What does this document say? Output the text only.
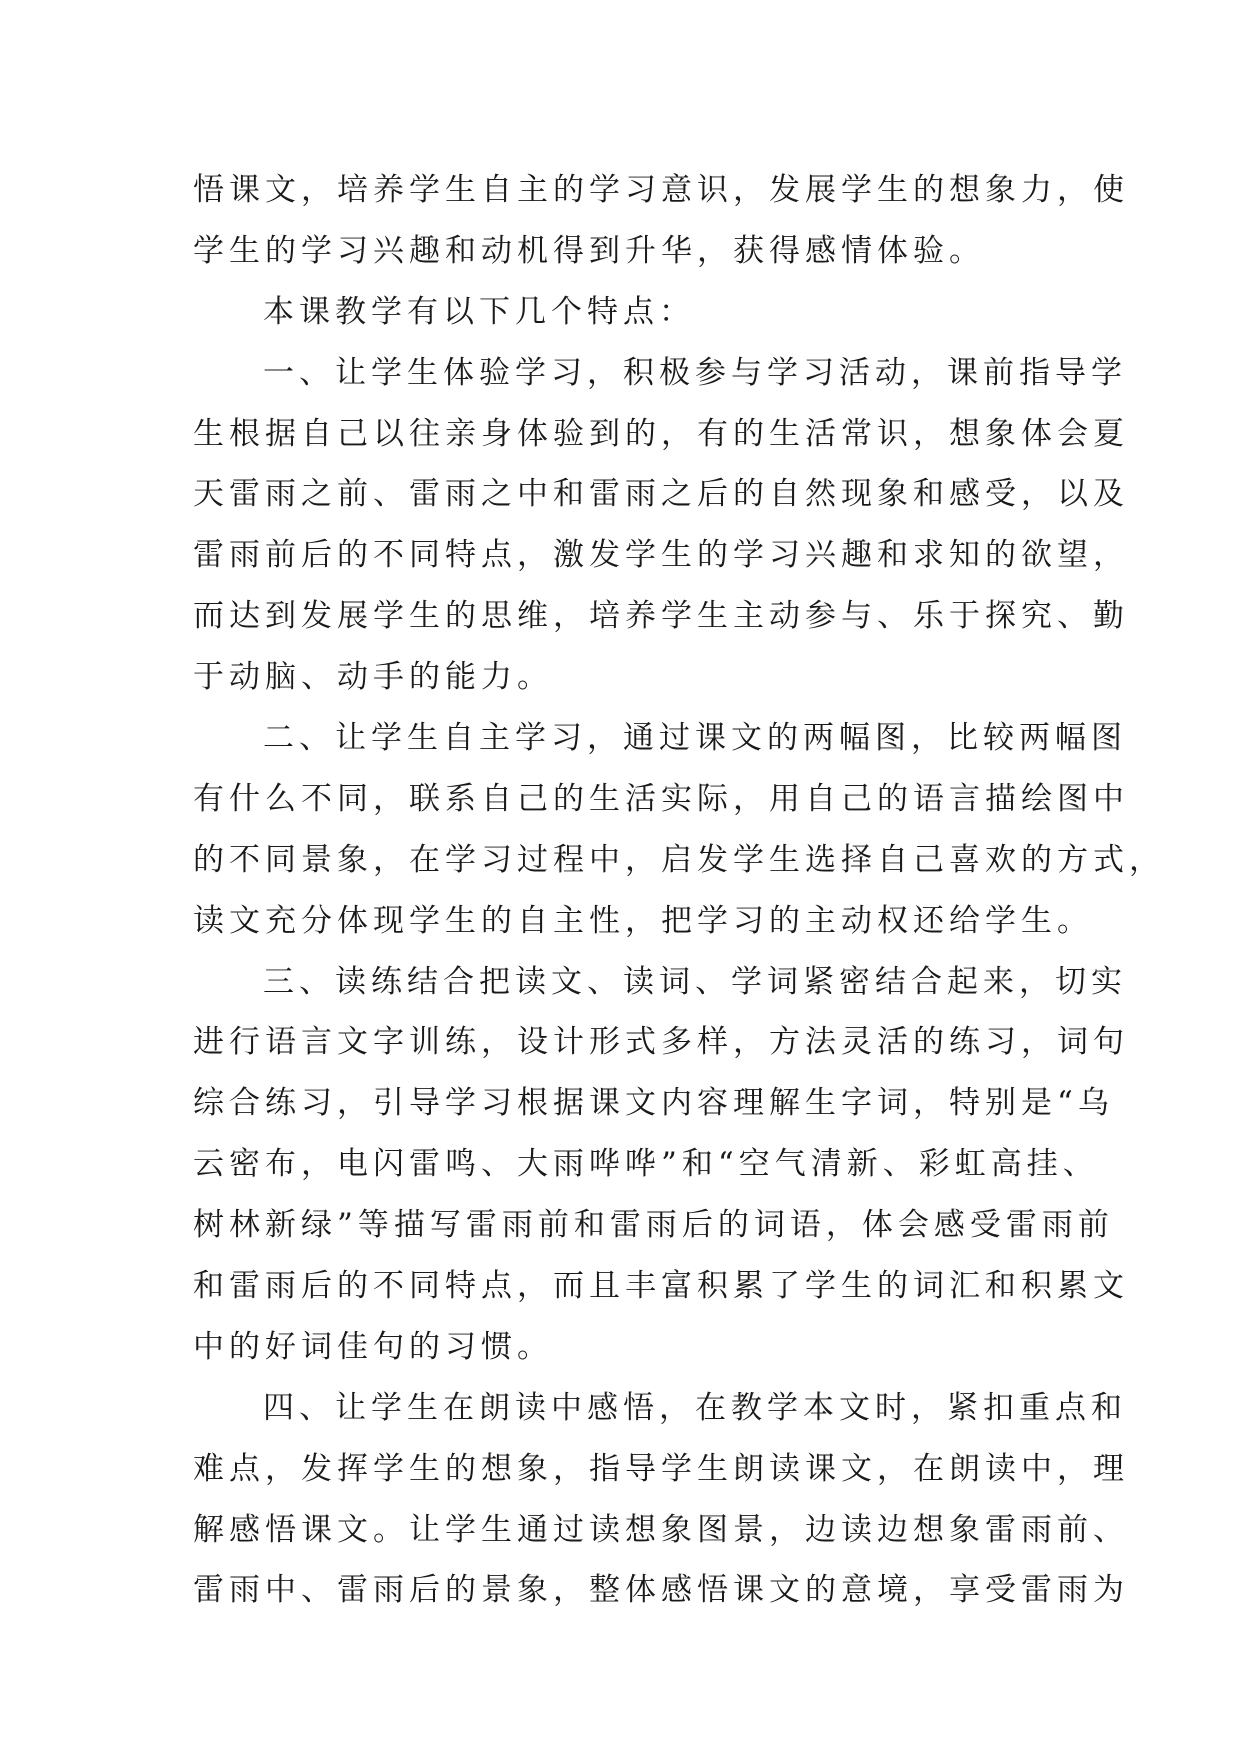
悟课文，培养学生自主的学习意识，发展学生的想象力，使
学生的学习兴趣和动机得到升华，获得感情体验。
本课教学有以下几个特点：
一、让学生体验学习，积极参与学习活动，课前指导学
生根据自己以往亲身体验到的，有的生活常识，想象体会夏
天雷雨之前、雷雨之中和雷雨之后的自然现象和感受，以及
雷雨前后的不同特点，激发学生的学习兴趣和求知的欲望，
而达到发展学生的思维，培养学生主动参与、乐于探究、勤
于动脑、动手的能力。
二、让学生自主学习，通过课文的两幅图，比较两幅图
有什么不同，联系自己的生活实际，用自己的语言描绘图中
的不同景象，在学习过程中，启发学生选择自己喜欢的方式，
读文充分体现学生的自主性，把学习的主动权还给学生。
三、读练结合把读文、读词、学词紧密结合起来，切实
进行语言文字训练，设计形式多样，方法灵活的练习，词句
综合练习，引导学习根据课文内容理解生字词，特别是“乌
云密布，电闪雷鸣、大雨哗哗”和“空气清新、彩虹高挂、
树林新绿”等描写雷雨前和雷雨后的词语，体会感受雷雨前
和雷雨后的不同特点，而且丰富积累了学生的词汇和积累文
中的好词佳句的习惯。
四、让学生在朗读中感悟，在教学本文时，紧扣重点和
难点，发挥学生的想象，指导学生朗读课文，在朗读中，理
解感悟课文。让学生通过读想象图景，边读边想象雷雨前、
雷雨中、雷雨后的景象，整体感悟课文的意境，享受雷雨为
